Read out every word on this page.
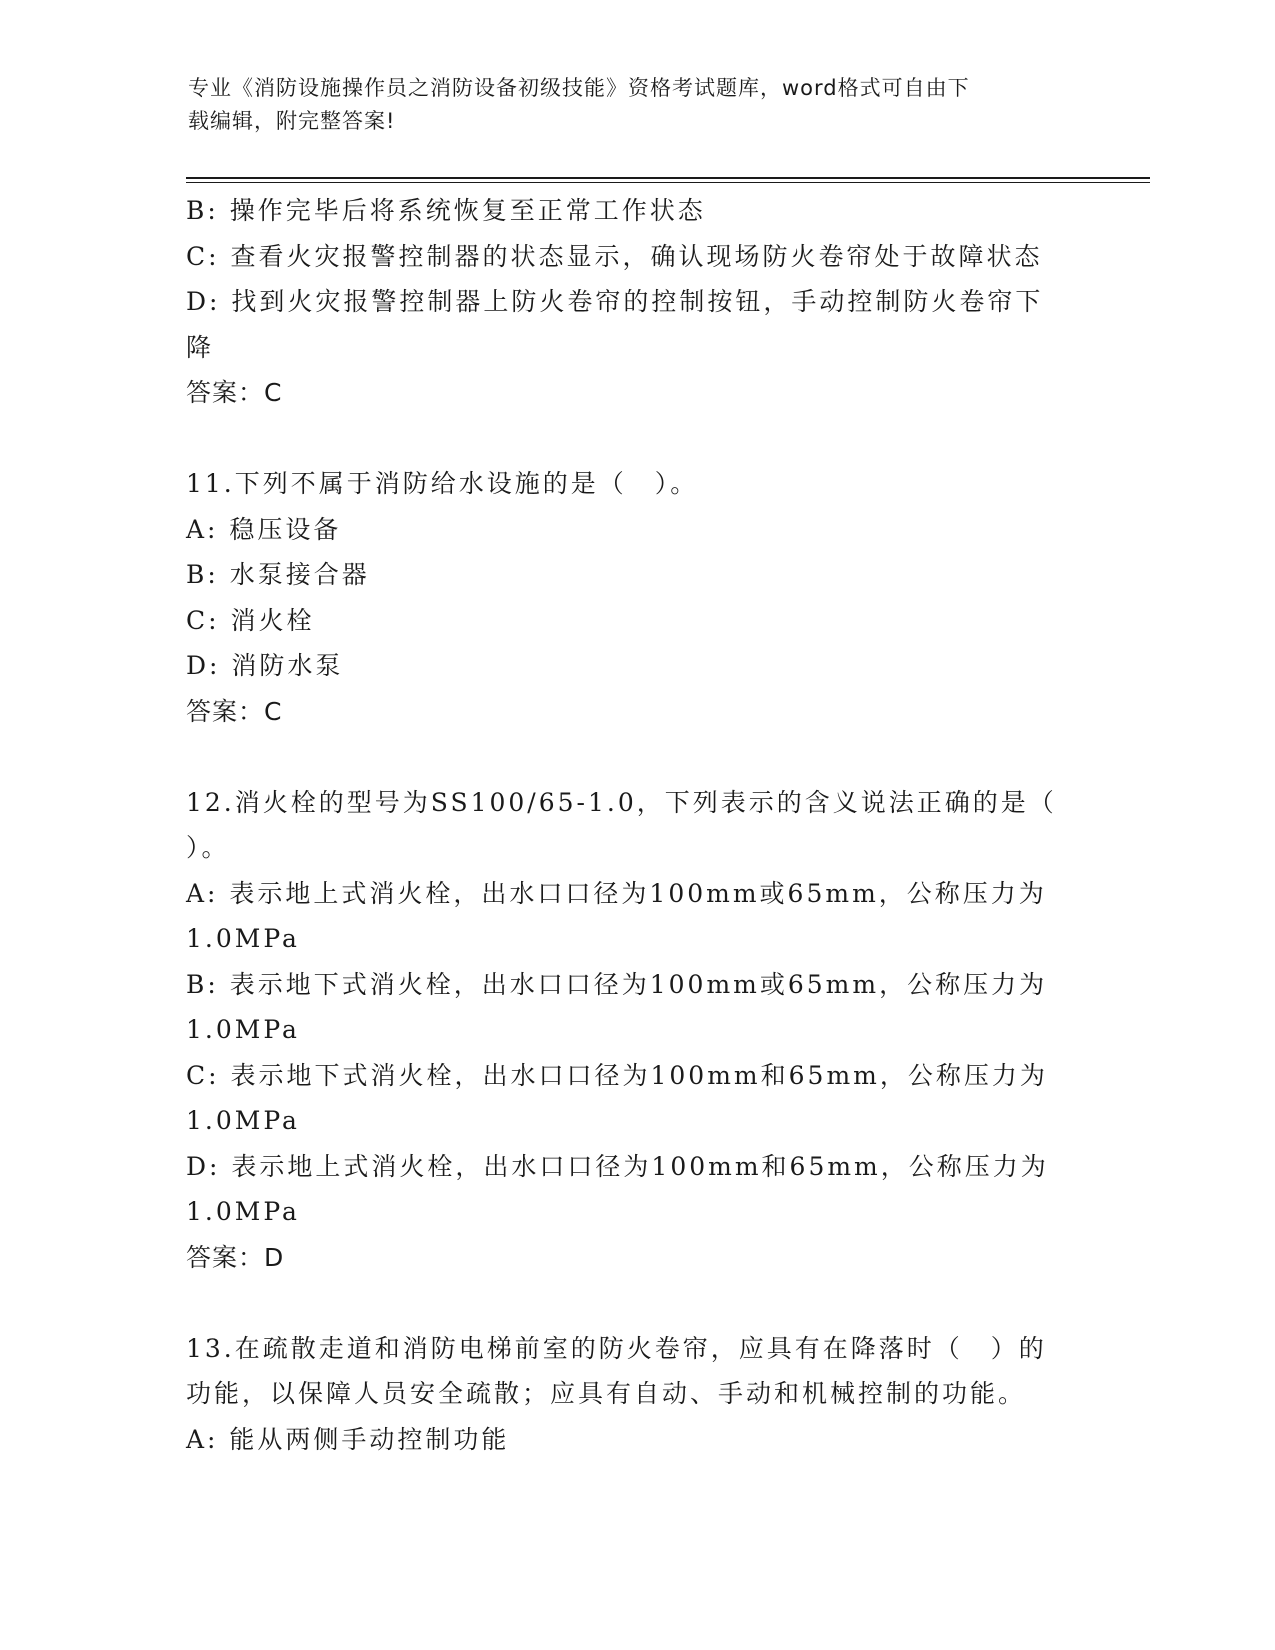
专业《消防设施操作员之消防设备初级技能》资格考试题库，word格式可自由下
载编辑，附完整答案!
B: 操作完毕后将系统恢复至正常工作状态
C: 查看火灾报警控制器的状态显示，确认现场防火卷帘处于故障状态
D: 找到火灾报警控制器上防火卷帘的控制按钮，手动控制防火卷帘下
降
答案：C
11.下列不属于消防给水设施的是（　）。
A: 稳压设备
B: 水泵接合器
C: 消火栓
D: 消防水泵
答案：C
12.消火栓的型号为SS100/65-1.0，下列表示的含义说法正确的是（
）。
A: 表示地上式消火栓，出水口口径为100mm或65mm，公称压力为
1.0MPa
B: 表示地下式消火栓，出水口口径为100mm或65mm，公称压力为
1.0MPa
C: 表示地下式消火栓，出水口口径为100mm和65mm，公称压力为
1.0MPa
D: 表示地上式消火栓，出水口口径为100mm和65mm，公称压力为
1.0MPa
答案：D
13.在疏散走道和消防电梯前室的防火卷帘，应具有在降落时（　）的
功能，以保障人员安全疏散；应具有自动、手动和机械控制的功能。
A: 能从两侧手动控制功能
